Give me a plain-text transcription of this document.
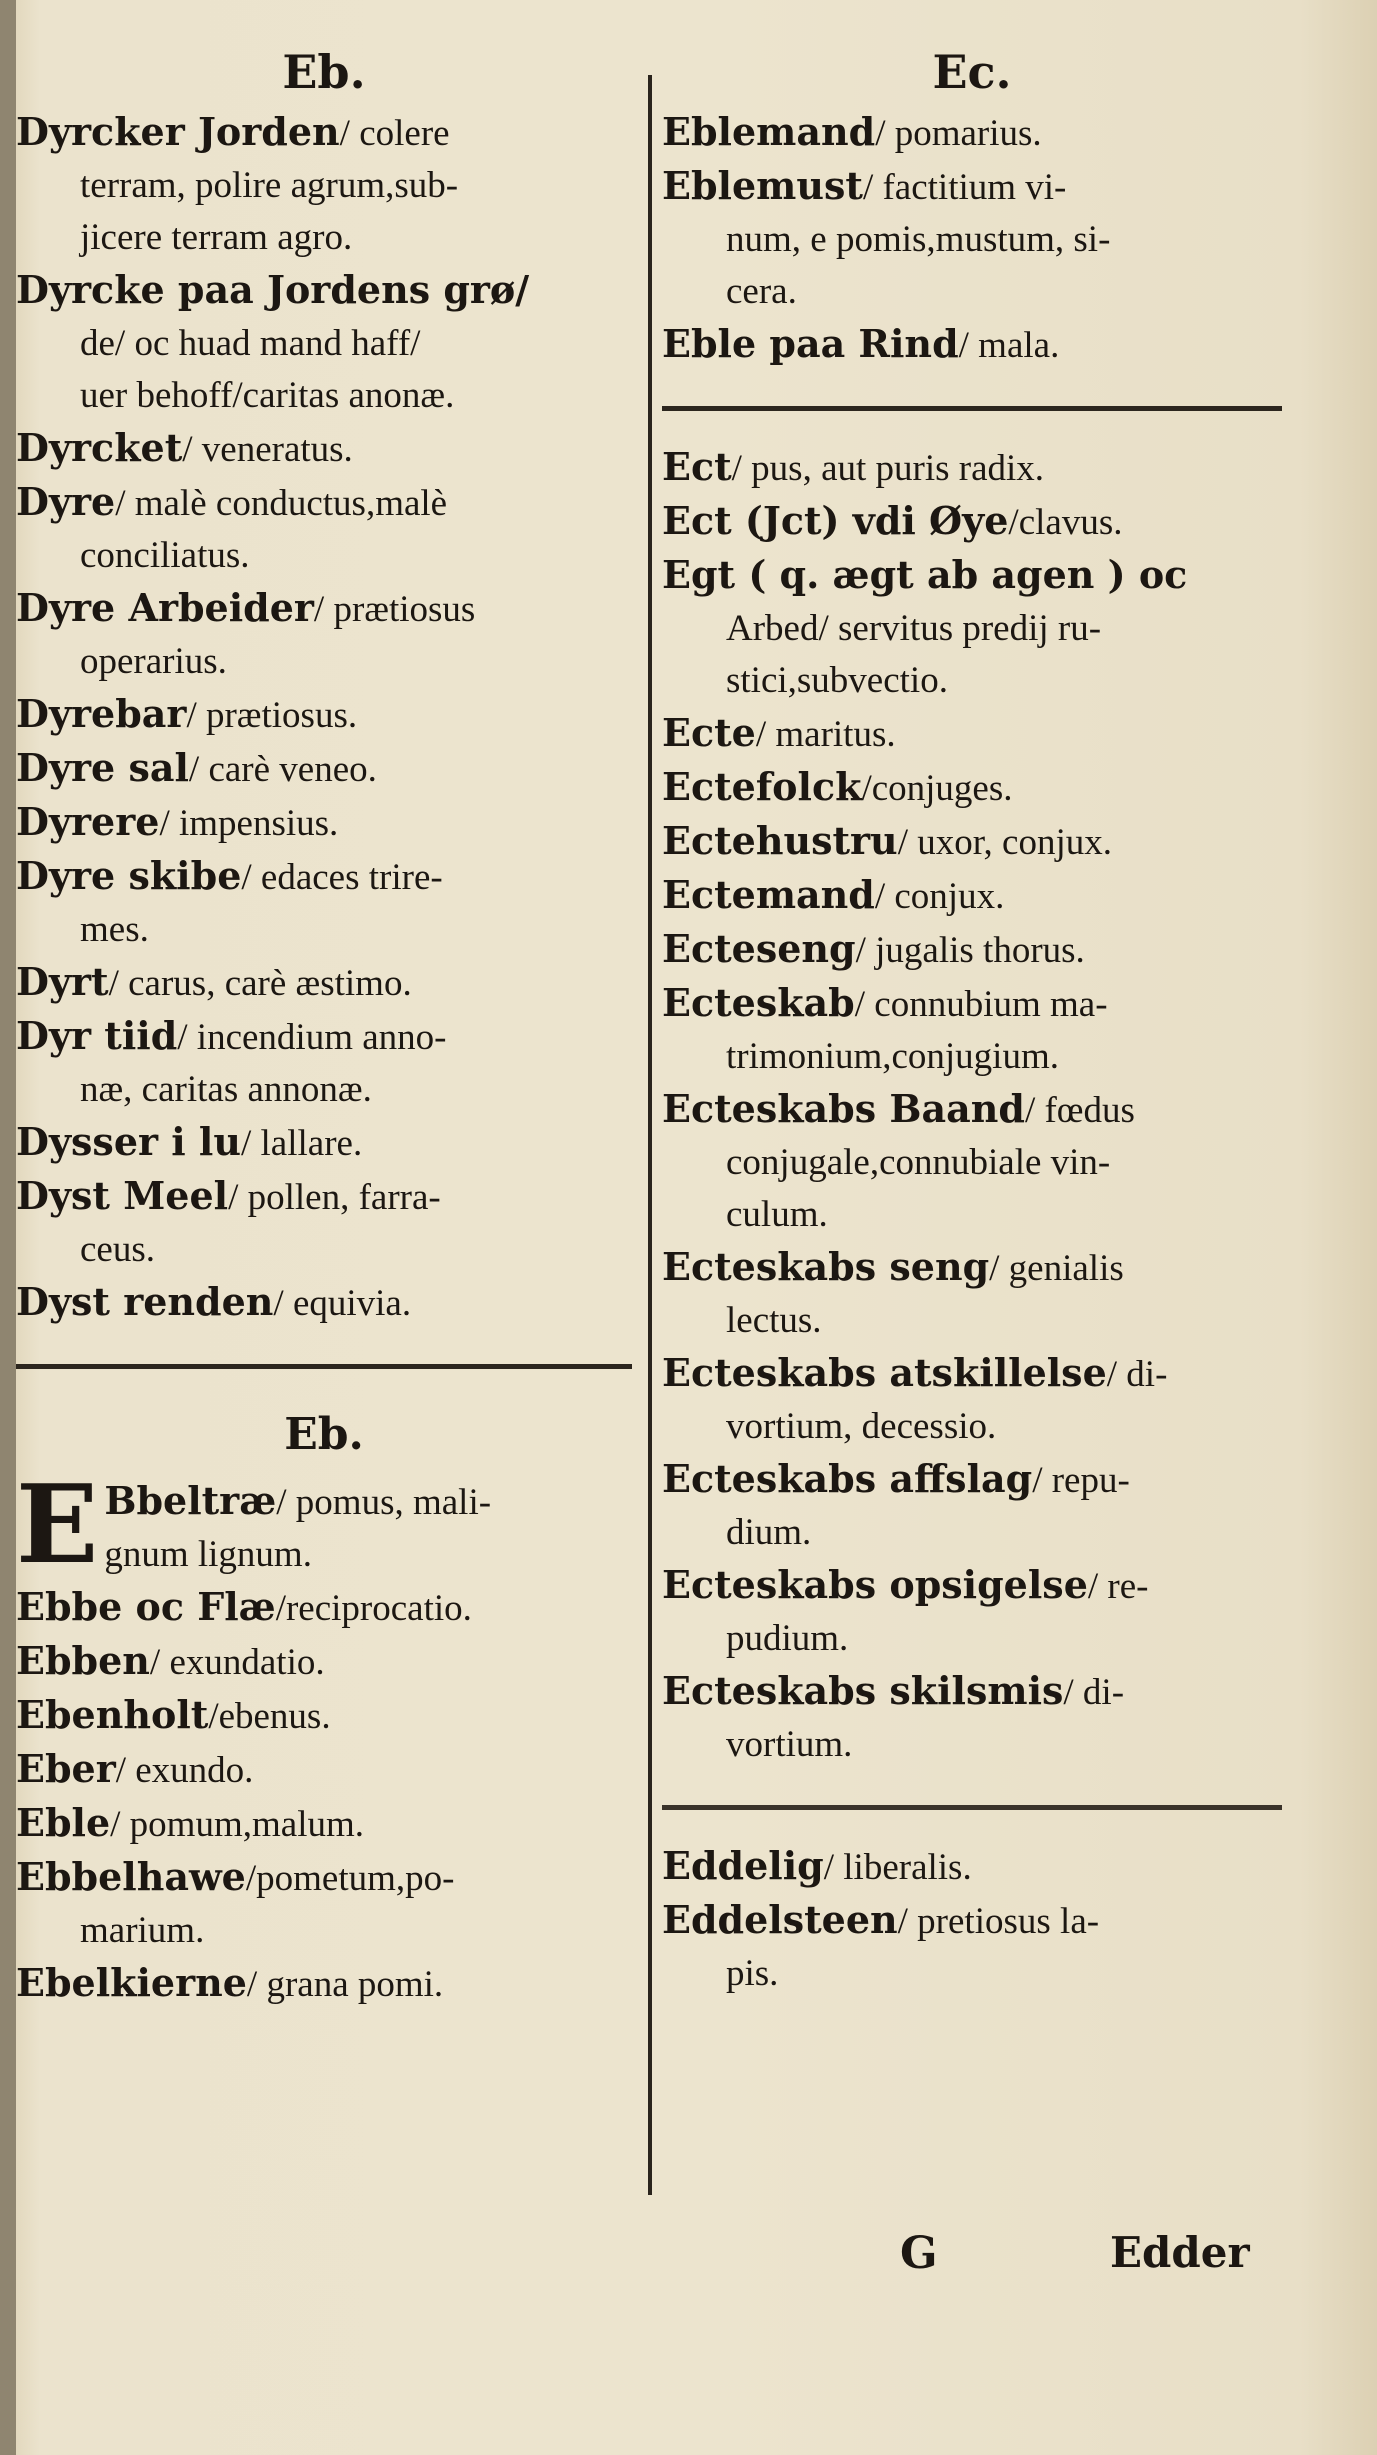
Eb.
Dyrcker Jorden/ colere
terram, polire agrum,sub-
jicere terram agro.
Dyrcke paa Jordens grø/
de/ oc huad mand haff/
uer behoff/caritas anonæ.
Dyrcket/ veneratus.
Dyre/ malè conductus,malè
conciliatus.
Dyre Arbeider/ prætiosus
operarius.
Dyrebar/ prætiosus.
Dyre sal/ carè veneo.
Dyrere/ impensius.
Dyre skibe/ edaces trire-
mes.
Dyrt/ carus, carè æstimo.
Dyr tiid/ incendium anno-
næ, caritas annonæ.
Dysser i lu/ lallare.
Dyst Meel/ pollen, farra-
ceus.
Dyst renden/ equivia.
Eb.
E Bbeltræ/ pomus, mali-
gnum lignum.
Ebbe oc Flæ/reciprocatio.
Ebben/ exundatio.
Ebenholt/ebenus.
Eber/ exundo.
Eble/ pomum,malum.
Ebbelhawe/pometum,po-
marium.
Ebelkierne/ grana pomi.
Ec.
Eblemand/ pomarius.
Eblemust/ factitium vi-
num, e pomis,mustum, si-
cera.
Eble paa Rind/ mala.
Ect/ pus, aut puris radix.
Ect (Jct) vdi Øye/clavus.
Egt ( q. ægt ab agen ) oc
Arbed/ servitus predij ru-
stici,subvectio.
Ecte/ maritus.
Ectefolck/conjuges.
Ectehustru/ uxor, conjux.
Ectemand/ conjux.
Ecteseng/ jugalis thorus.
Ecteskab/ connubium ma-
trimonium,conjugium.
Ecteskabs Baand/ fœdus
conjugale,connubiale vin-
culum.
Ecteskabs seng/ genialis
lectus.
Ecteskabs atskillelse/ di-
vortium, decessio.
Ecteskabs affslag/ repu-
dium.
Ecteskabs opsigelse/ re-
pudium.
Ecteskabs skilsmis/ di-
vortium.
Eddelig/ liberalis.
Eddelsteen/ pretiosus la-
pis.
G	Edder
